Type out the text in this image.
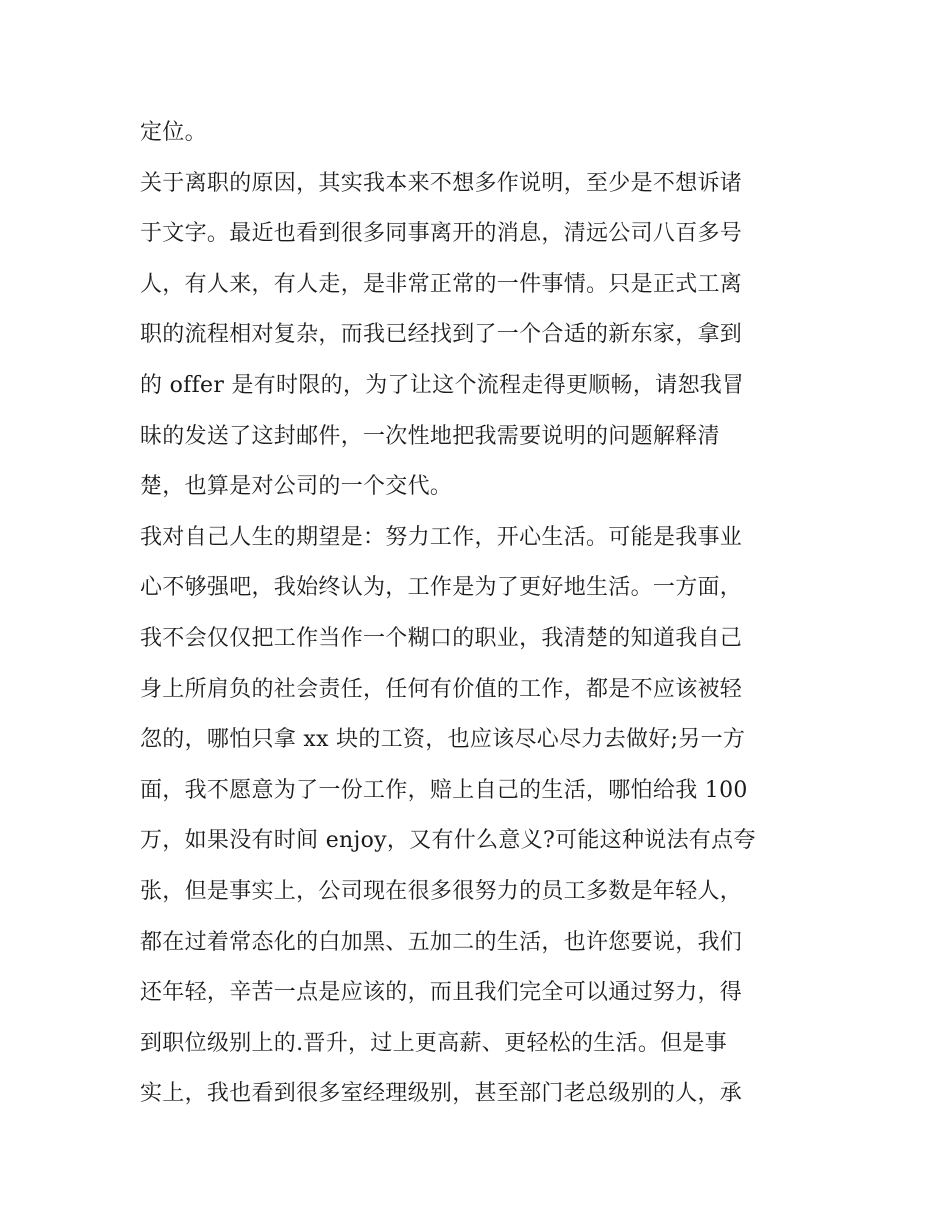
定位。
关于离职的原因，其实我本来不想多作说明，至少是不想诉诸
于文字。最近也看到很多同事离开的消息，清远公司八百多号
人，有人来，有人走，是非常正常的一件事情。只是正式工离
职的流程相对复杂，而我已经找到了一个合适的新东家，拿到
的 offer 是有时限的，为了让这个流程走得更顺畅，请恕我冒
昧的发送了这封邮件，一次性地把我需要说明的问题解释清
楚，也算是对公司的一个交代。
我对自己人生的期望是：努力工作，开心生活。可能是我事业
心不够强吧，我始终认为，工作是为了更好地生活。一方面，
我不会仅仅把工作当作一个糊口的职业，我清楚的知道我自己
身上所肩负的社会责任，任何有价值的工作，都是不应该被轻
忽的，哪怕只拿 xx 块的工资，也应该尽心尽力去做好;另一方
面，我不愿意为了一份工作，赔上自己的生活，哪怕给我 100
万，如果没有时间 enjoy，又有什么意义?可能这种说法有点夸
张，但是事实上，公司现在很多很努力的员工多数是年轻人，
都在过着常态化的白加黑、五加二的生活，也许您要说，我们
还年轻，辛苦一点是应该的，而且我们完全可以通过努力，得
到职位级别上的.晋升，过上更高薪、更轻松的生活。但是事
实上，我也看到很多室经理级别，甚至部门老总级别的人，承
